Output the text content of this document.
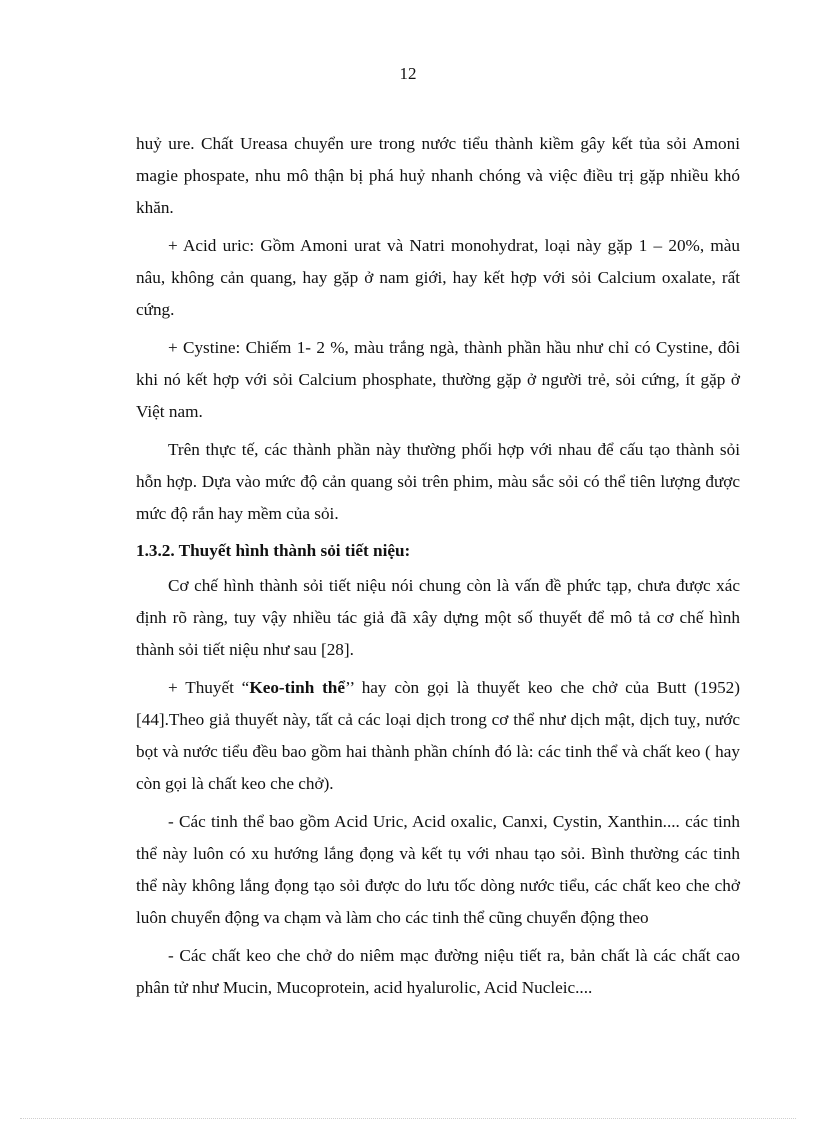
12

huỷ ure. Chất Ureasa chuyển ure trong nước tiểu thành kiềm gây kết tủa sỏi Amoni magie phospate, nhu mô thận bị phá huỷ nhanh chóng và việc điều trị gặp nhiều khó khăn.

+ Acid uric: Gồm Amoni urat và Natri monohydrat, loại này gặp 1 – 20%, màu nâu, không cản quang, hay gặp ở nam giới, hay kết hợp với sỏi Calcium oxalate, rất cứng.

+ Cystine: Chiếm 1- 2 %, màu trắng ngà, thành phần hầu như chỉ có Cystine, đôi khi nó kết hợp với sỏi Calcium phosphate, thường gặp ở người trẻ, sỏi cứng, ít gặp ở Việt nam.

Trên thực tế, các thành phần này thường phối hợp với nhau để cấu tạo thành sỏi hỗn hợp. Dựa vào mức độ cản quang sỏi trên phim, màu sắc sỏi có thể tiên lượng được mức độ rắn hay mềm của sỏi.

1.3.2. Thuyết hình thành sỏi tiết niệu:

Cơ chế hình thành sỏi tiết niệu nói chung còn là vấn đề phức tạp, chưa được xác định rõ ràng, tuy vậy nhiều tác giả đã xây dựng một số thuyết để mô tả cơ chế hình thành sỏi tiết niệu như sau [28].

+ Thuyết “Keo-tinh thể’’ hay còn gọi là thuyết keo che chở của Butt (1952) [44].Theo giả thuyết này, tất cả các loại dịch trong cơ thể như dịch mật, dịch tuỵ, nước bọt và nước tiểu đều bao gồm hai thành phần chính đó là: các tinh thể và chất keo ( hay còn gọi là chất keo che chở).

- Các tinh thể bao gồm Acid Uric, Acid oxalic, Canxi, Cystin, Xanthin.... các tinh thể này luôn có xu hướng lắng đọng và kết tụ với nhau tạo sỏi. Bình thường các tinh thể này không lắng đọng tạo sỏi được do lưu tốc dòng nước tiểu, các chất keo che chở luôn chuyển động va chạm và làm cho các tinh thể cũng chuyển động theo

- Các chất keo che chở do niêm mạc đường niệu tiết ra, bản chất là các chất cao phân tử như Mucin, Mucoprotein, acid hyalurolic, Acid Nucleic....
